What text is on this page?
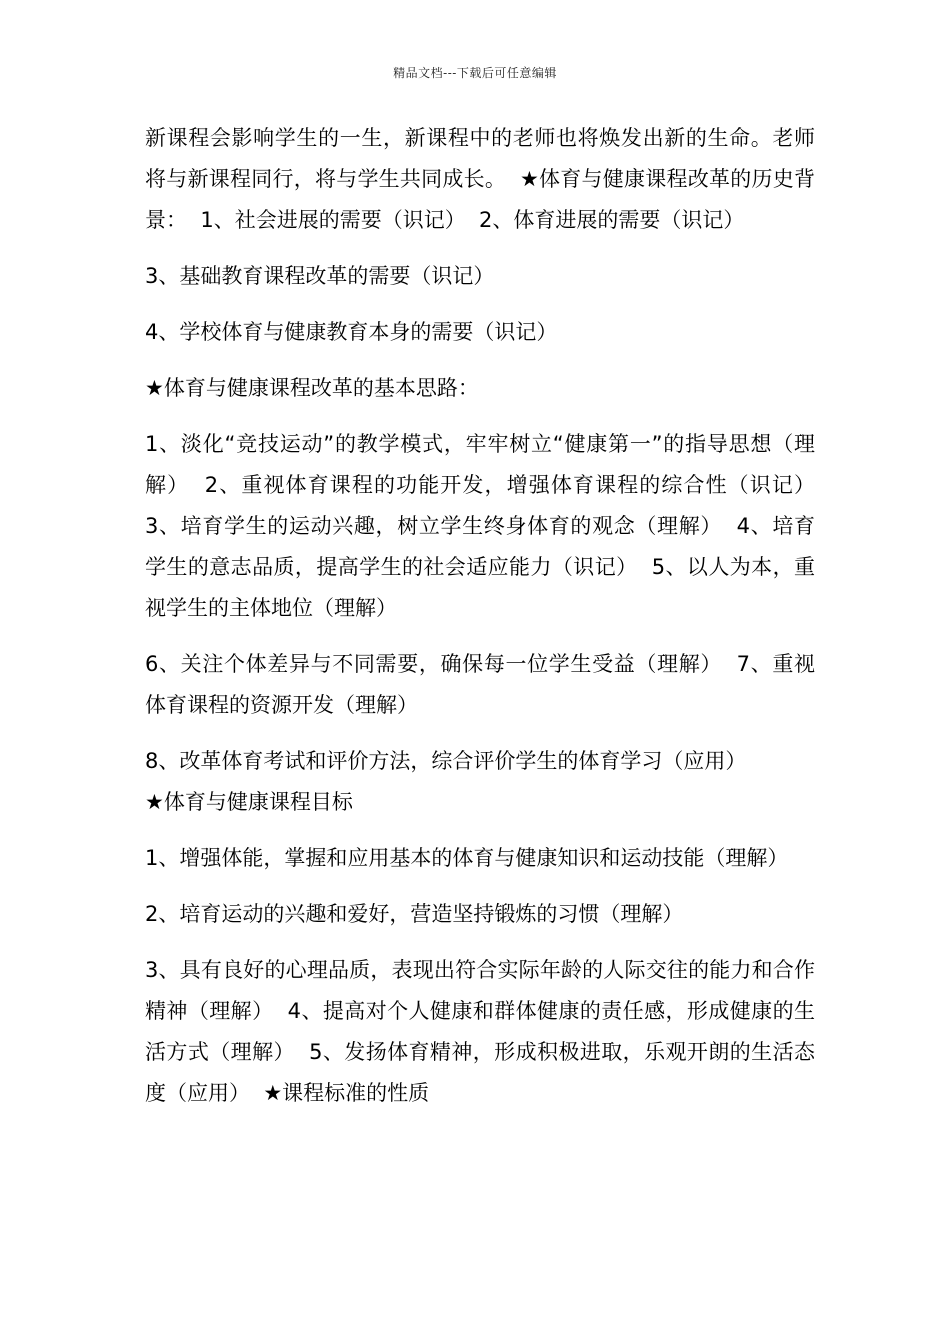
精品文档---下载后可任意编辑

新课程会影响学生的一生，新课程中的老师也将焕发出新的生命。老师将与新课程同行，将与学生共同成长。  ★体育与健康课程改革的历史背景：  1、社会进展的需要（识记）  2、体育进展的需要（识记）

3、基础教育课程改革的需要（识记）

4、学校体育与健康教育本身的需要（识记）

★体育与健康课程改革的基本思路：

1、淡化“竞技运动”的教学模式，牢牢树立“健康第一”的指导思想（理解）  2、重视体育课程的功能开发，增强体育课程的综合性（识记）  3、培育学生的运动兴趣，树立学生终身体育的观念（理解）  4、培育学生的意志品质，提高学生的社会适应能力（识记）  5、以人为本，重视学生的主体地位（理解）

6、关注个体差异与不同需要，确保每一位学生受益（理解）  7、重视体育课程的资源开发（理解）

8、改革体育考试和评价方法，综合评价学生的体育学习（应用）

★体育与健康课程目标

1、增强体能，掌握和应用基本的体育与健康知识和运动技能（理解）

2、培育运动的兴趣和爱好，营造坚持锻炼的习惯（理解）

3、具有良好的心理品质，表现出符合实际年龄的人际交往的能力和合作精神（理解）  4、提高对个人健康和群体健康的责任感，形成健康的生活方式（理解）  5、发扬体育精神，形成积极进取，乐观开朗的生活态度（应用）  ★课程标准的性质
